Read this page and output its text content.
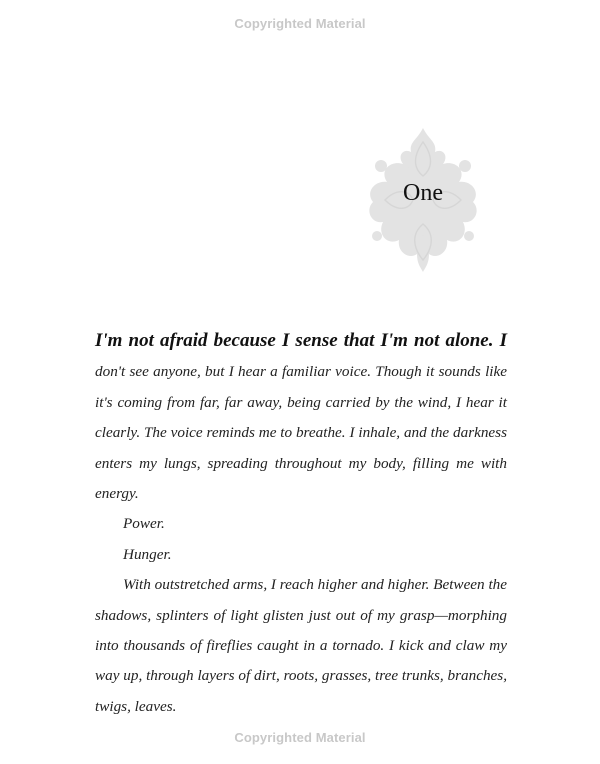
Copyrighted Material
One

I'm not afraid because I sense that I'm not alone. I don't see anyone, but I hear a familiar voice. Though it sounds like it's coming from far, far away, being carried by the wind, I hear it clearly. The voice reminds me to breathe. I inhale, and the darkness enters my lungs, spreading throughout my body, filling me with energy.

Power.

Hunger.

With outstretched arms, I reach higher and higher. Between the shadows, splinters of light glisten just out of my grasp—morphing into thousands of fireflies caught in a tornado. I kick and claw my way up, through layers of dirt, roots, grasses, tree trunks, branches, twigs, leaves.

Copyrighted Material
